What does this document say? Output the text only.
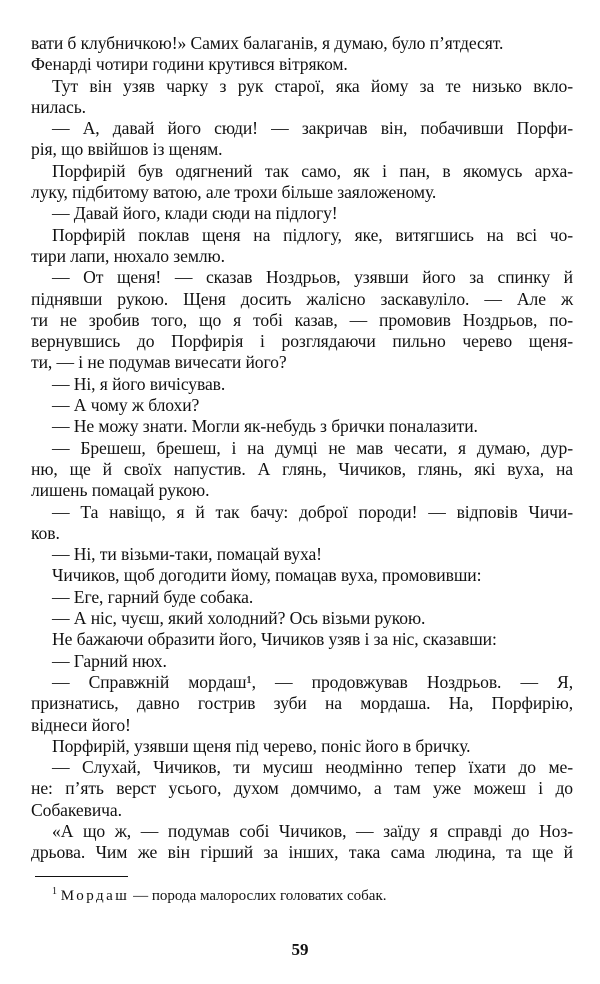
вати б клубничкою!» Самих балаганів, я думаю, було п’ятдесят.
Фенарді чотири години крутився вітряком.
Тут він узяв чарку з рук старої, яка йому за те низько вкло-
нилась.
— А, давай його сюди! — закричав він, побачивши Порфи-
рія, що ввійшов із щеням.
Порфирій був одягнений так само, як і пан, в якомусь арха-
луку, підбитому ватою, але трохи більше заяложеному.
— Давай його, клади сюди на підлогу!
Порфирій поклав щеня на підлогу, яке, витягшись на всі чо-
тири лапи, нюхало землю.
— От щеня! — сказав Ноздрьов, узявши його за спинку й
піднявши рукою. Щеня досить жалісно заскавуліло. — Але ж
ти не зробив того, що я тобі казав, — промовив Ноздрьов, по-
вернувшись до Порфирія і розглядаючи пильно черево щеня-
ти, — і не подумав вичесати його?
— Ні, я його вичісував.
— А чому ж блохи?
— Не можу знати. Могли як-небудь з брички поналазити.
— Брешеш, брешеш, і на думці не мав чесати, я думаю, дур-
ню, ще й своїх напустив. А глянь, Чичиков, глянь, які вуха, на
лишень помацай рукою.
— Та навіщо, я й так бачу: доброї породи! — відповів Чичи-
ков.
— Ні, ти візьми-таки, помацай вуха!
Чичиков, щоб догодити йому, помацав вуха, промовивши:
— Еге, гарний буде собака.
— А ніс, чуєш, який холодний? Ось візьми рукою.
Не бажаючи образити його, Чичиков узяв і за ніс, сказавши:
— Гарний нюх.
— Справжній мордаш¹, — продовжував Ноздрьов. — Я,
признатись, давно гострив зуби на мордаша. На, Порфирію,
віднеси його!
Порфирій, узявши щеня під черево, поніс його в бричку.
— Слухай, Чичиков, ти мусиш неодмінно тепер їхати до ме-
не: п’ять верст усього, духом домчимо, а там уже можеш і до
Собакевича.
«А що ж, — подумав собі Чичиков, — заїду я справді до Ноз-
дрьова. Чим же він гірший за інших, така сама людина, та ще й
$^1$ Мордаш — порода малорослих головатих собак.
59
